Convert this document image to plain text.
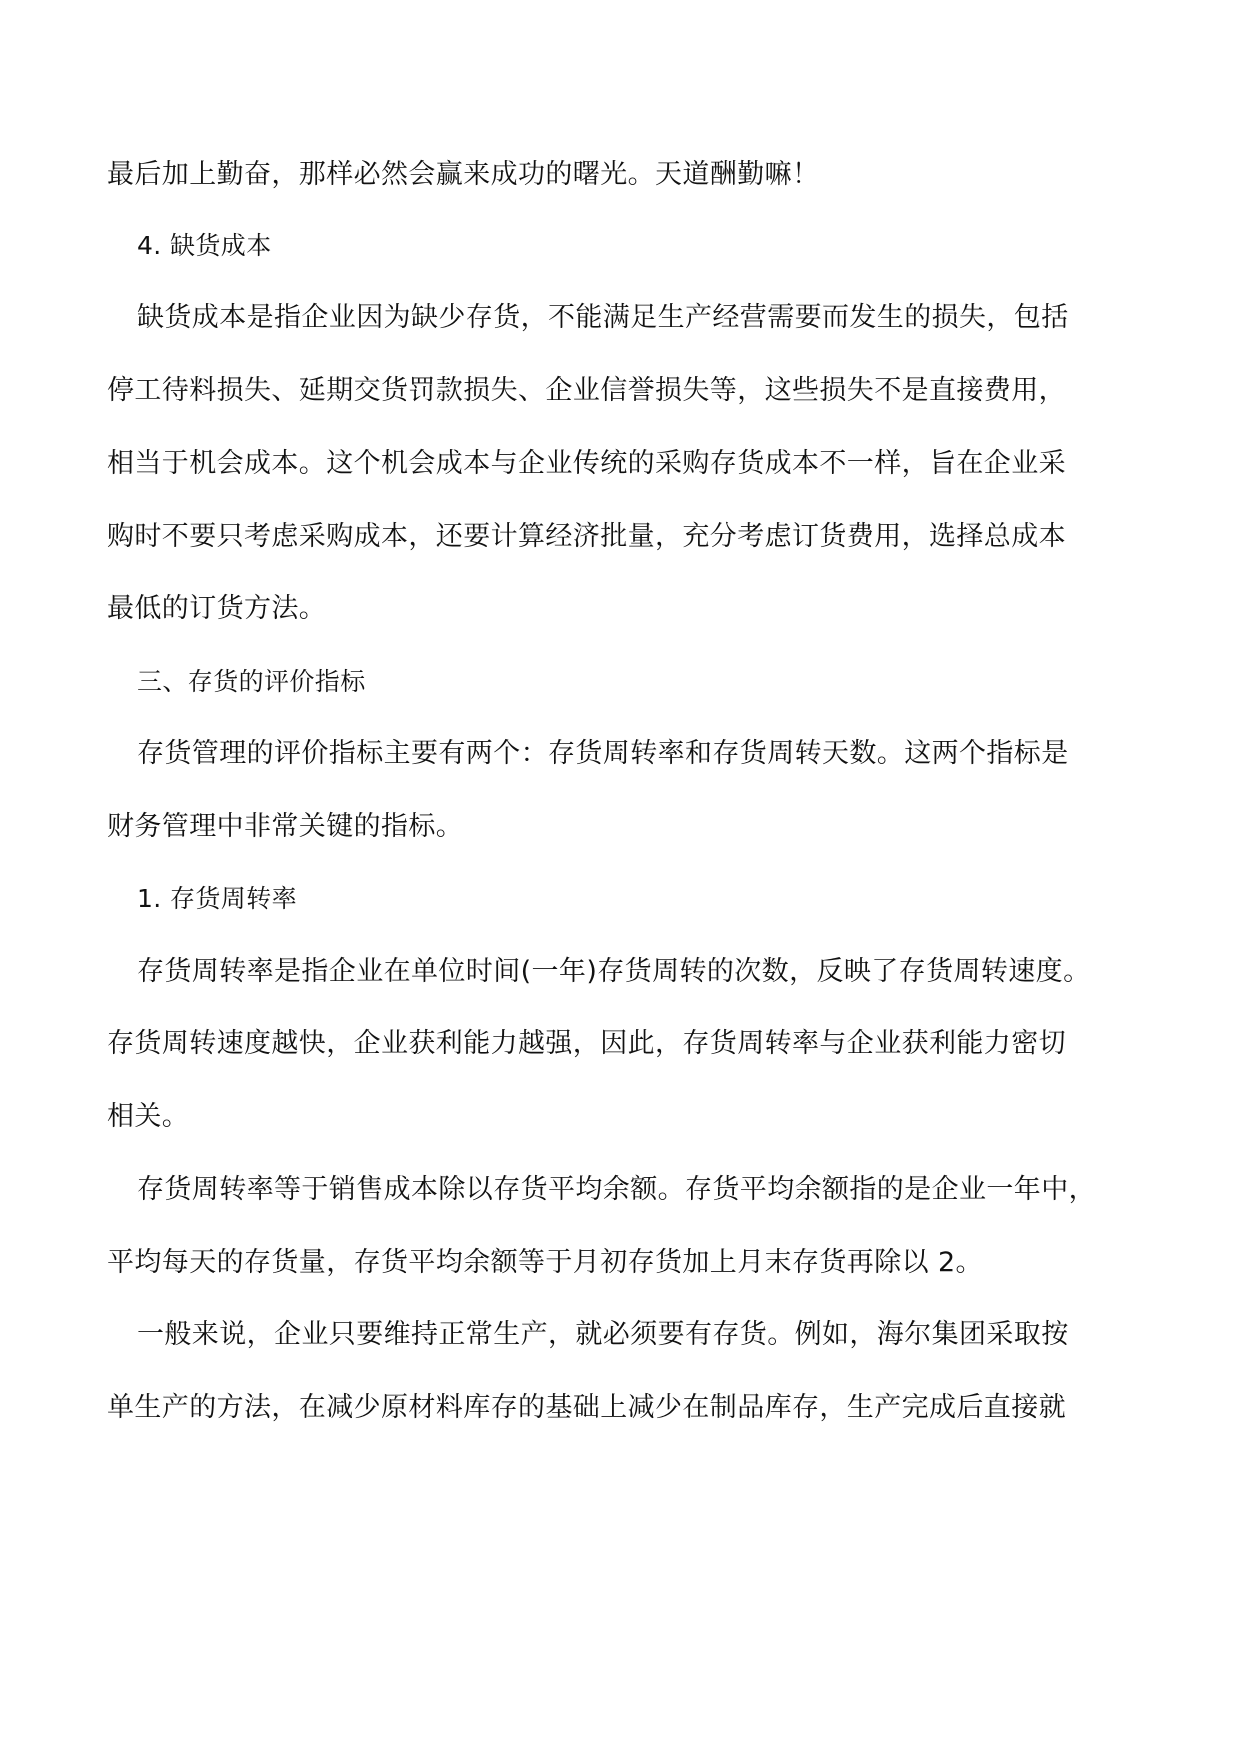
最后加上勤奋，那样必然会赢来成功的曙光。天道酬勤嘛！
4. 缺货成本
缺货成本是指企业因为缺少存货，不能满足生产经营需要而发生的损失，包括
停工待料损失、延期交货罚款损失、企业信誉损失等，这些损失不是直接费用，
相当于机会成本。这个机会成本与企业传统的采购存货成本不一样，旨在企业采
购时不要只考虑采购成本，还要计算经济批量，充分考虑订货费用，选择总成本
最低的订货方法。
三、存货的评价指标
存货管理的评价指标主要有两个：存货周转率和存货周转天数。这两个指标是
财务管理中非常关键的指标。
1. 存货周转率
存货周转率是指企业在单位时间(一年)存货周转的次数，反映了存货周转速度。
存货周转速度越快，企业获利能力越强，因此，存货周转率与企业获利能力密切
相关。
存货周转率等于销售成本除以存货平均余额。存货平均余额指的是企业一年中，
平均每天的存货量，存货平均余额等于月初存货加上月末存货再除以 2。
一般来说，企业只要维持正常生产，就必须要有存货。例如，海尔集团采取按
单生产的方法，在减少原材料库存的基础上减少在制品库存，生产完成后直接就
